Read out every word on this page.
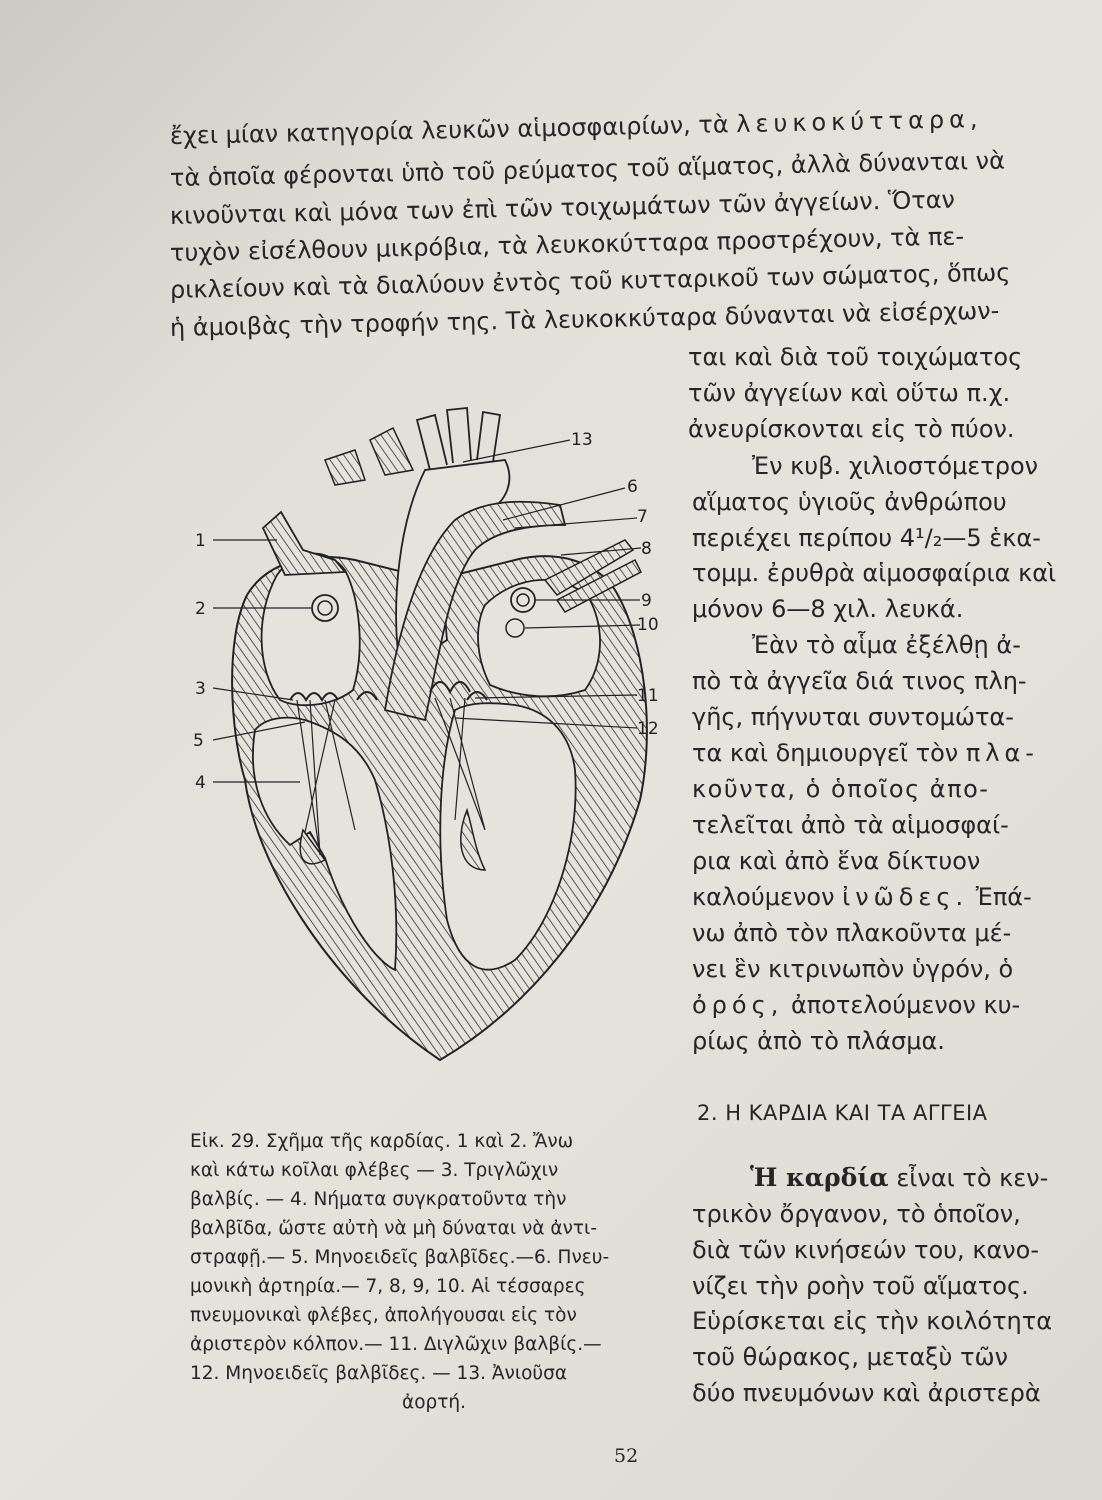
ἔχει μίαν κατηγορία λευκῶν αἱμοσφαιρίων, τὰ λευκοκύτταρα,
τὰ ὁποῖα φέρονται ὑπὸ τοῦ ρεύματος τοῦ αἵματος, ἀλλὰ δύνανται νὰ
κινοῦνται καὶ μόνα των ἐπὶ τῶν τοιχωμάτων τῶν ἀγγείων. Ὅταν
τυχὸν εἰσέλθουν μικρόβια, τὰ λευκοκύτταρα προστρέχουν, τὰ πε-
ρικλείουν καὶ τὰ διαλύουν ἐντὸς τοῦ κυτταρικοῦ των σώματος, ὅπως
ἡ ἀμοιβὰς τὴν τροφήν της. Τὰ λευκοκκύταρα δύνανται νὰ εἰσέρχων-
ται καὶ διὰ τοῦ τοιχώματος
τῶν ἀγγείων καὶ οὕτω π.χ.
ἀνευρίσκονται εἰς τὸ πύον.
Ἐν κυβ. χιλιοστόμετρον
αἵματος ὑγιοῦς ἀνθρώπου
περιέχει περίπου 4¹/₂—5 ἑκα-
τομμ. ἐρυθρὰ αἱμοσφαίρια καὶ
μόνον 6—8 χιλ. λευκά.
Ἐὰν τὸ αἷμα ἐξέλθῃ ἀ-
πὸ τὰ ἀγγεῖα διά τινος πλη-
γῆς, πήγνυται συντομώτα-
τα καὶ δημιουργεῖ τὸν πλα-
κοῦντα, ὁ ὁποῖος ἀπο-
τελεῖται ἀπὸ τὰ αἱμοσφαί-
ρια καὶ ἀπὸ ἕνα δίκτυον
καλούμενον ἰνῶδες. Ἐπά-
νω ἀπὸ τὸν πλακοῦντα μέ-
νει ἓν κιτρινωπὸν ὑγρόν, ὁ
ὀρός, ἀποτελούμενον κυ-
ρίως ἀπὸ τὸ πλάσμα.
2. Η ΚΑΡΔΙΑ ΚΑΙ ΤΑ ΑΓΓΕΙΑ
Ἡ καρδία εἶναι τὸ κεν-
τρικὸν ὄργανον, τὸ ὁποῖον,
διὰ τῶν κινήσεών του, κανο-
νίζει τὴν ροὴν τοῦ αἵματος.
Εὑρίσκεται εἰς τὴν κοιλότητα
τοῦ θώρακος, μεταξὺ τῶν
δύο πνευμόνων καὶ ἀριστερὰ
1
2
3
5
4
13
6
7
8
9
10
11
12
Εἰκ. 29. Σχῆμα τῆς καρδίας. 1 καὶ 2. Ἄνω
καὶ κάτω κοῖλαι φλέβες — 3. Τριγλῶχιν
βαλβίς. — 4. Νήματα συγκρατοῦντα τὴν
βαλβῖδα, ὥστε αὐτὴ νὰ μὴ δύναται νὰ ἀντι-
στραφῇ.— 5. Μηνοειδεῖς βαλβῖδες.—6. Πνευ-
μονικὴ ἀρτηρία.— 7, 8, 9, 10. Αἱ τέσσαρες
πνευμονικαὶ φλέβες, ἀπολήγουσαι εἰς τὸν
ἀριστερὸν κόλπον.— 11. Διγλῶχιν βαλβίς.—
12. Μηνοειδεῖς βαλβῖδες. — 13. Ἀνιοῦσα
ἀορτή.
52
